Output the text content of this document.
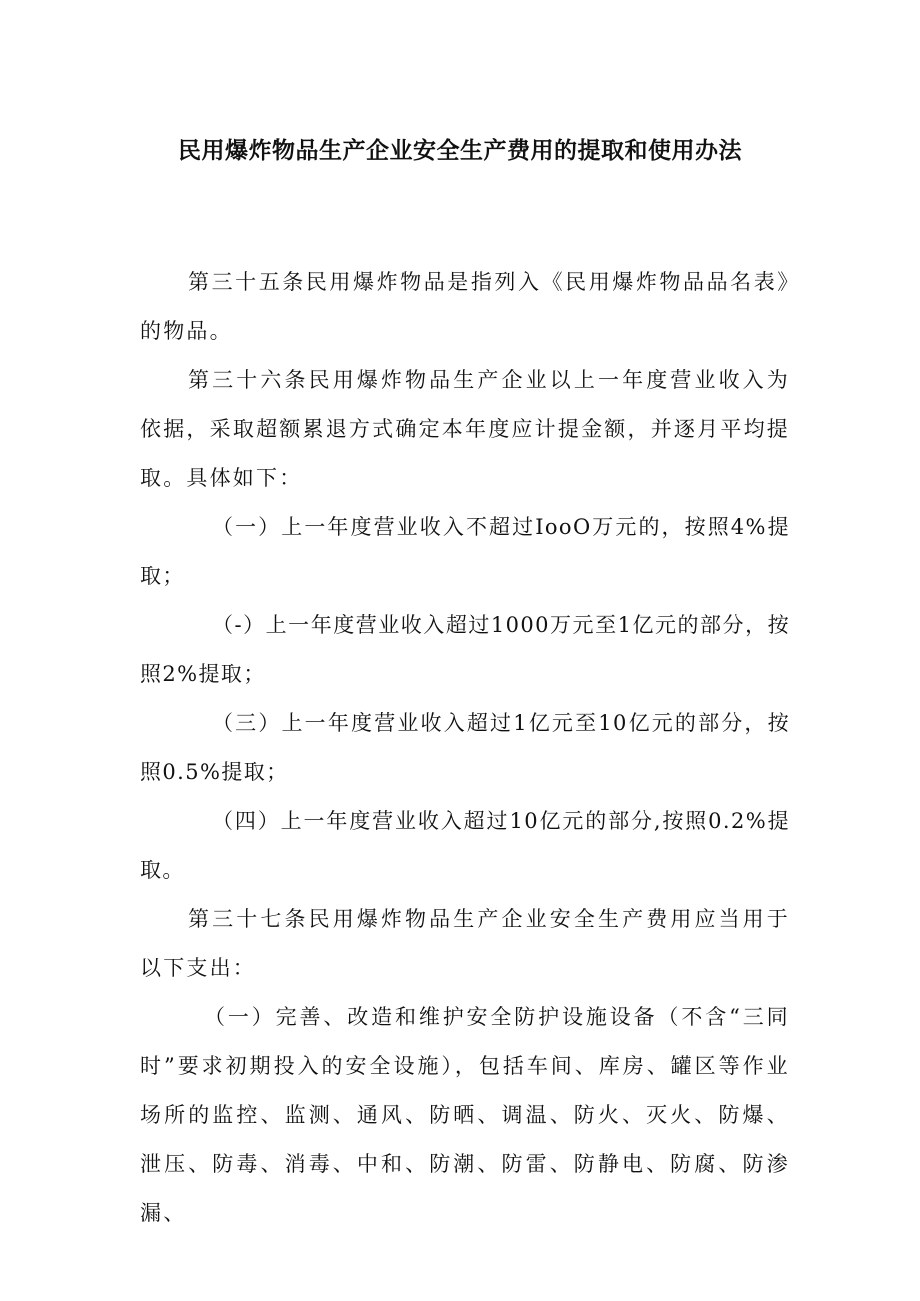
民用爆炸物品生产企业安全生产费用的提取和使用办法

第三十五条民用爆炸物品是指列入《民用爆炸物品品名表》的物品。

第三十六条民用爆炸物品生产企业以上一年度营业收入为依据，采取超额累退方式确定本年度应计提金额，并逐月平均提取。具体如下：

（一）上一年度营业收入不超过IooO万元的，按照4%提取；

（-）上一年度营业收入超过1000万元至1亿元的部分，按照2%提取；

（三）上一年度营业收入超过1亿元至10亿元的部分，按照0.5%提取；

（四）上一年度营业收入超过10亿元的部分,按照0.2%提取。

第三十七条民用爆炸物品生产企业安全生产费用应当用于以下支出：

（一）完善、改造和维护安全防护设施设备（不含“三同时”要求初期投入的安全设施），包括车间、库房、罐区等作业场所的监控、监测、通风、防晒、调温、防火、灭火、防爆、泄压、防毒、消毒、中和、防潮、防雷、防静电、防腐、防渗漏、
